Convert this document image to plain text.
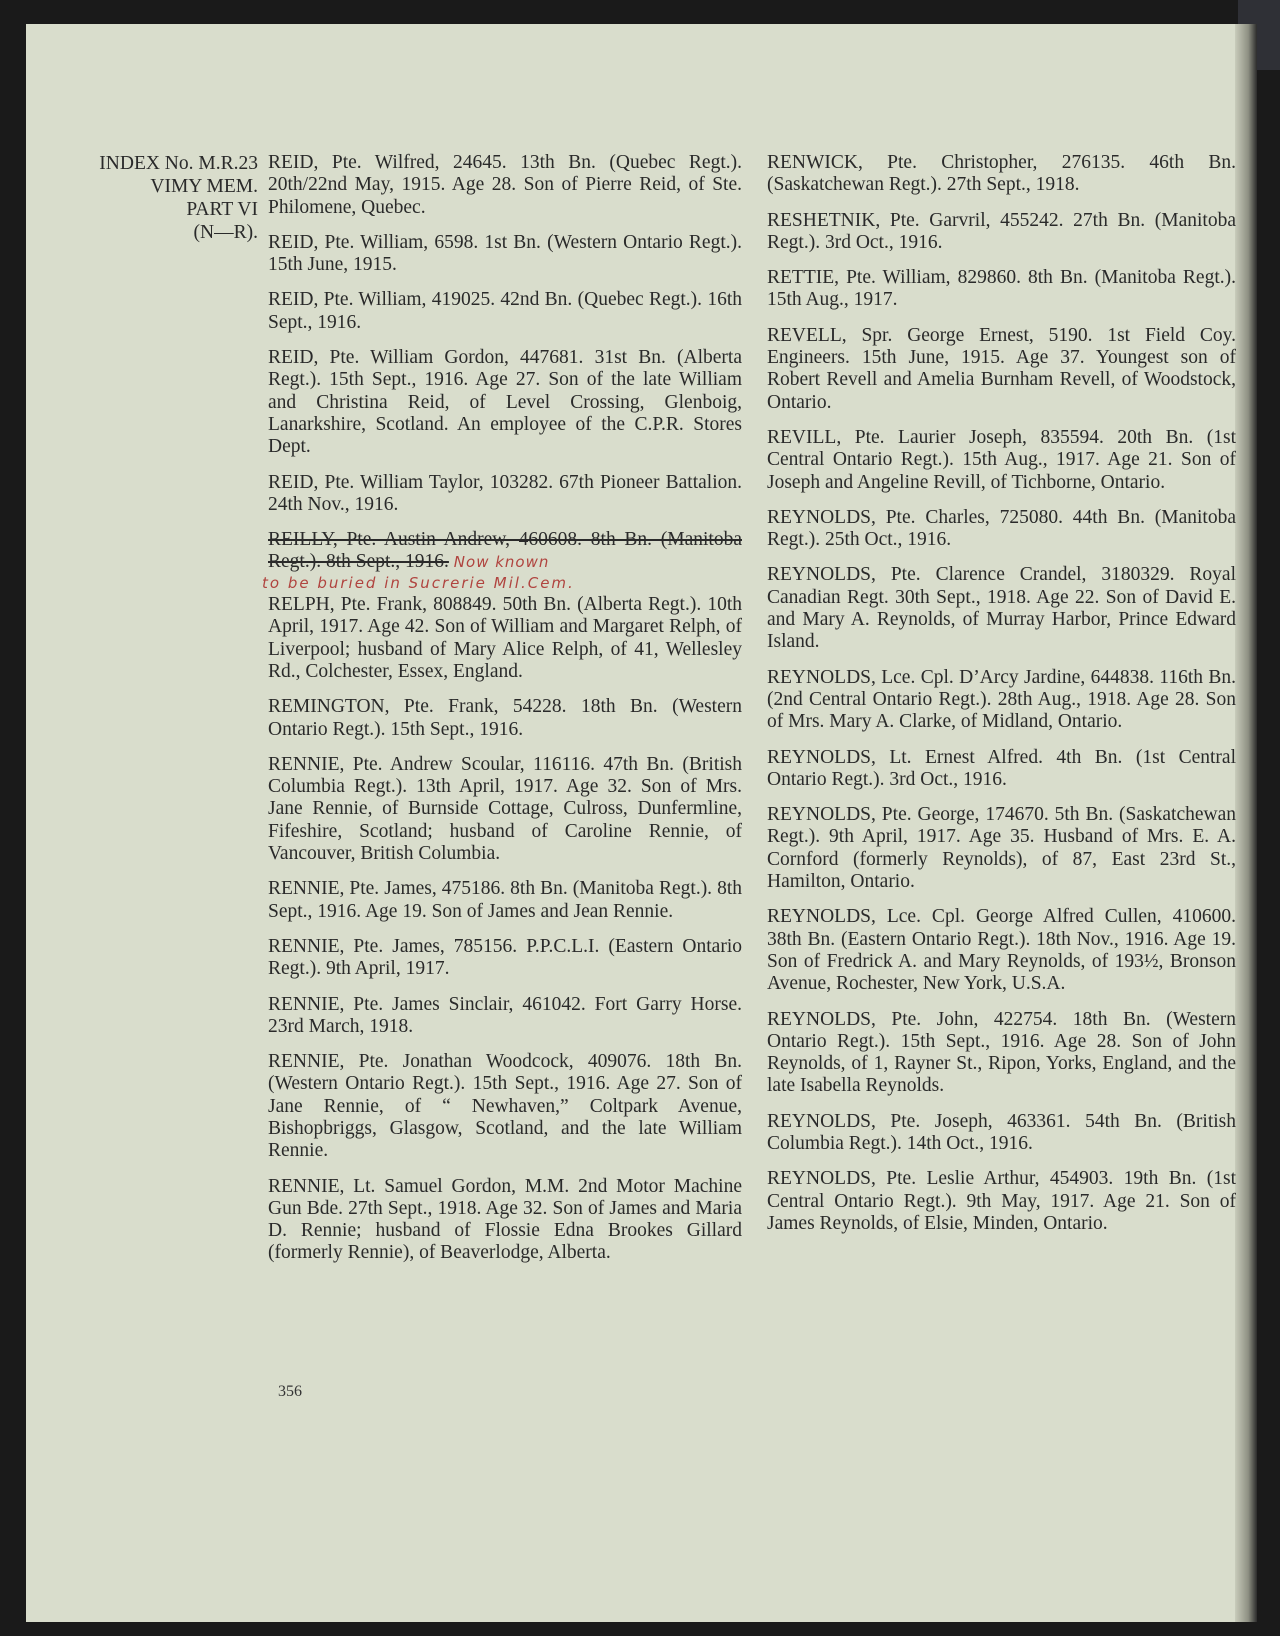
INDEX No. M.R.23
VIMY MEM.
PART VI
(N—R).

REID, Pte. Wilfred, 24645. 13th Bn. (Quebec Regt.). 20th/22nd May, 1915. Age 28. Son of Pierre Reid, of Ste. Philomene, Quebec.

REID, Pte. William, 6598. 1st Bn. (Western Ontario Regt.). 15th June, 1915.

REID, Pte. William, 419025. 42nd Bn. (Quebec Regt.). 16th Sept., 1916.

REID, Pte. William Gordon, 447681. 31st Bn. (Alberta Regt.). 15th Sept., 1916. Age 27. Son of the late William and Christina Reid, of Level Crossing, Glenboig, Lanarkshire, Scotland. An employee of the C.P.R. Stores Dept.

REID, Pte. William Taylor, 103282. 67th Pioneer Battalion. 24th Nov., 1916.

REILLY, Pte. Austin Andrew, 460608. 8th Bn. (Manitoba Regt.). 8th Sept., 1916. Now known
to be buried in Sucrerie Mil.Cem.

RELPH, Pte. Frank, 808849. 50th Bn. (Alberta Regt.). 10th April, 1917. Age 42. Son of William and Margaret Relph, of Liverpool; husband of Mary Alice Relph, of 41, Wellesley Rd., Colchester, Essex, England.

REMINGTON, Pte. Frank, 54228. 18th Bn. (Western Ontario Regt.). 15th Sept., 1916.

RENNIE, Pte. Andrew Scoular, 116116. 47th Bn. (British Columbia Regt.). 13th April, 1917. Age 32. Son of Mrs. Jane Rennie, of Burnside Cottage, Culross, Dunfermline, Fifeshire, Scotland; husband of Caroline Rennie, of Vancouver, British Columbia.

RENNIE, Pte. James, 475186. 8th Bn. (Manitoba Regt.). 8th Sept., 1916. Age 19. Son of James and Jean Rennie.

RENNIE, Pte. James, 785156. P.P.C.L.I. (Eastern Ontario Regt.). 9th April, 1917.

RENNIE, Pte. James Sinclair, 461042. Fort Garry Horse. 23rd March, 1918.

RENNIE, Pte. Jonathan Woodcock, 409076. 18th Bn. (Western Ontario Regt.). 15th Sept., 1916. Age 27. Son of Jane Rennie, of “ Newhaven,” Coltpark Avenue, Bishopbriggs, Glasgow, Scotland, and the late William Rennie.

RENNIE, Lt. Samuel Gordon, M.M. 2nd Motor Machine Gun Bde. 27th Sept., 1918. Age 32. Son of James and Maria D. Rennie; husband of Flossie Edna Brookes Gillard (formerly Rennie), of Beaverlodge, Alberta.

RENWICK, Pte. Christopher, 276135. 46th Bn. (Saskatchewan Regt.). 27th Sept., 1918.

RESHETNIK, Pte. Garvril, 455242. 27th Bn. (Manitoba Regt.). 3rd Oct., 1916.

RETTIE, Pte. William, 829860. 8th Bn. (Manitoba Regt.). 15th Aug., 1917.

REVELL, Spr. George Ernest, 5190. 1st Field Coy. Engineers. 15th June, 1915. Age 37. Youngest son of Robert Revell and Amelia Burnham Revell, of Woodstock, Ontario.

REVILL, Pte. Laurier Joseph, 835594. 20th Bn. (1st Central Ontario Regt.). 15th Aug., 1917. Age 21. Son of Joseph and Angeline Revill, of Tichborne, Ontario.

REYNOLDS, Pte. Charles, 725080. 44th Bn. (Manitoba Regt.). 25th Oct., 1916.

REYNOLDS, Pte. Clarence Crandel, 3180329. Royal Canadian Regt. 30th Sept., 1918. Age 22. Son of David E. and Mary A. Reynolds, of Murray Harbor, Prince Edward Island.

REYNOLDS, Lce. Cpl. D’Arcy Jardine, 644838. 116th Bn. (2nd Central Ontario Regt.). 28th Aug., 1918. Age 28. Son of Mrs. Mary A. Clarke, of Midland, Ontario.

REYNOLDS, Lt. Ernest Alfred. 4th Bn. (1st Central Ontario Regt.). 3rd Oct., 1916.

REYNOLDS, Pte. George, 174670. 5th Bn. (Saskatchewan Regt.). 9th April, 1917. Age 35. Husband of Mrs. E. A. Cornford (formerly Reynolds), of 87, East 23rd St., Hamilton, Ontario.

REYNOLDS, Lce. Cpl. George Alfred Cullen, 410600. 38th Bn. (Eastern Ontario Regt.). 18th Nov., 1916. Age 19. Son of Fredrick A. and Mary Reynolds, of 193½, Bronson Avenue, Rochester, New York, U.S.A.

REYNOLDS, Pte. John, 422754. 18th Bn. (Western Ontario Regt.). 15th Sept., 1916. Age 28. Son of John Reynolds, of 1, Rayner St., Ripon, Yorks, England, and the late Isabella Reynolds.

REYNOLDS, Pte. Joseph, 463361. 54th Bn. (British Columbia Regt.). 14th Oct., 1916.

REYNOLDS, Pte. Leslie Arthur, 454903. 19th Bn. (1st Central Ontario Regt.). 9th May, 1917. Age 21. Son of James Reynolds, of Elsie, Minden, Ontario.

356
